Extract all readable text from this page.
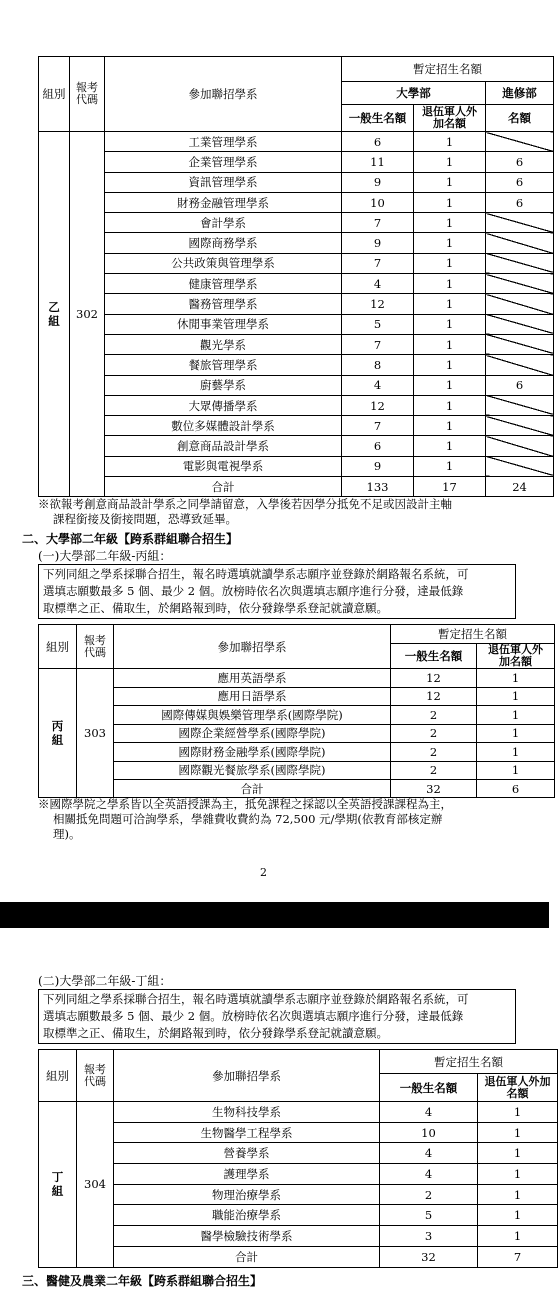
組別	報考代碼	參加聯招學系	暫定招生名額		
			大學部		進修部
			一般生名額	退伍軍人外加名額	名額

乙
組	302	工業管理學系	6	1	
		企業管理學系	11	1	6
		資訊管理學系	9	1	6
		財務金融管理學系	10	1	6
		會計學系	7	1	
		國際商務學系	9	1	
		公共政策與管理學系	7	1	
		健康管理學系	4	1	
		醫務管理學系	12	1	
		休閒事業管理學系	5	1	
		觀光學系	7	1	
		餐旅管理學系	8	1	
		廚藝學系	4	1	6
		大眾傳播學系	12	1	
		數位多媒體設計學系	7	1	
		創意商品設計學系	6	1	
		電影與電視學系	9	1	
		合計	133	17	24
※欲報考創意商品設計學系之同學請留意，入學後若因學分抵免不足或因設計主軸
課程銜接及銜接問題，恐導致延畢。
二、大學部二年級【跨系群組聯合招生】
(一)大學部二年級-丙組：
下列同組之學系採聯合招生，報名時選填就讀學系志願序並登錄於網路報名系統，可
選填志願數最多 5 個、最少 2 個。放榜時依名次與選填志願序進行分發，達最低錄
取標準之正、備取生，於網路報到時，依分發錄學系登記就讀意願。
組別	報考代碼	參加聯招學系	暫定招生名額	
			一般生名額	退伍軍人外加名額

丙
組	303	應用英語學系	12	1
		應用日語學系	12	1
		國際傳媒與娛樂管理學系(國際學院)	2	1
		國際企業經營學系(國際學院)	2	1
		國際財務金融學系(國際學院)	2	1
		國際觀光餐旅學系(國際學院)	2	1
		合計	32	6
※國際學院之學系皆以全英語授課為主，抵免課程之採認以全英語授課課程為主，
相關抵免問題可洽詢學系，學雜費收費約為 72,500 元/學期(依教育部核定辦
理)。
2
(二)大學部二年級-丁組：
下列同組之學系採聯合招生，報名時選填就讀學系志願序並登錄於網路報名系統，可
選填志願數最多 5 個、最少 2 個。放榜時依名次與選填志願序進行分發，達最低錄
取標準之正、備取生，於網路報到時，依分發錄學系登記就讀意願。
組別	報考代碼	參加聯招學系	暫定招生名額	
			一般生名額	退伍軍人外加名額

丁
組	304	生物科技學系	4	1
		生物醫學工程學系	10	1
		營養學系	4	1
		護理學系	4	1
		物理治療學系	2	1
		職能治療學系	5	1
		醫學檢驗技術學系	3	1
		合計	32	7
三、醫健及農業二年級【跨系群組聯合招生】
